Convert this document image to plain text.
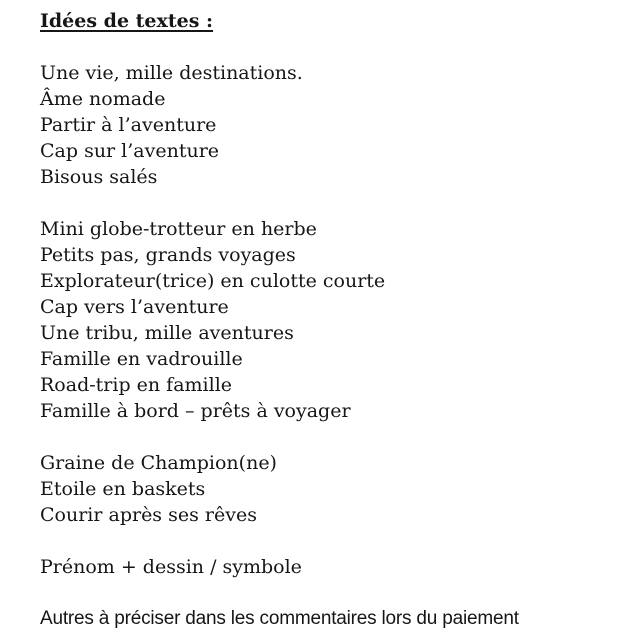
Idées de textes :

Une vie, mille destinations.

Âme nomade

Partir à l’aventure

Cap sur l’aventure

Bisous salés

Mini globe-trotteur en herbe

Petits pas, grands voyages

Explorateur(trice) en culotte courte

Cap vers l’aventure

Une tribu, mille aventures

Famille en vadrouille

Road-trip en famille

Famille à bord – prêts à voyager

Graine de Champion(ne)

Etoile en baskets

Courir après ses rêves

Prénom + dessin / symbole

Autres à préciser dans les commentaires lors du paiement
